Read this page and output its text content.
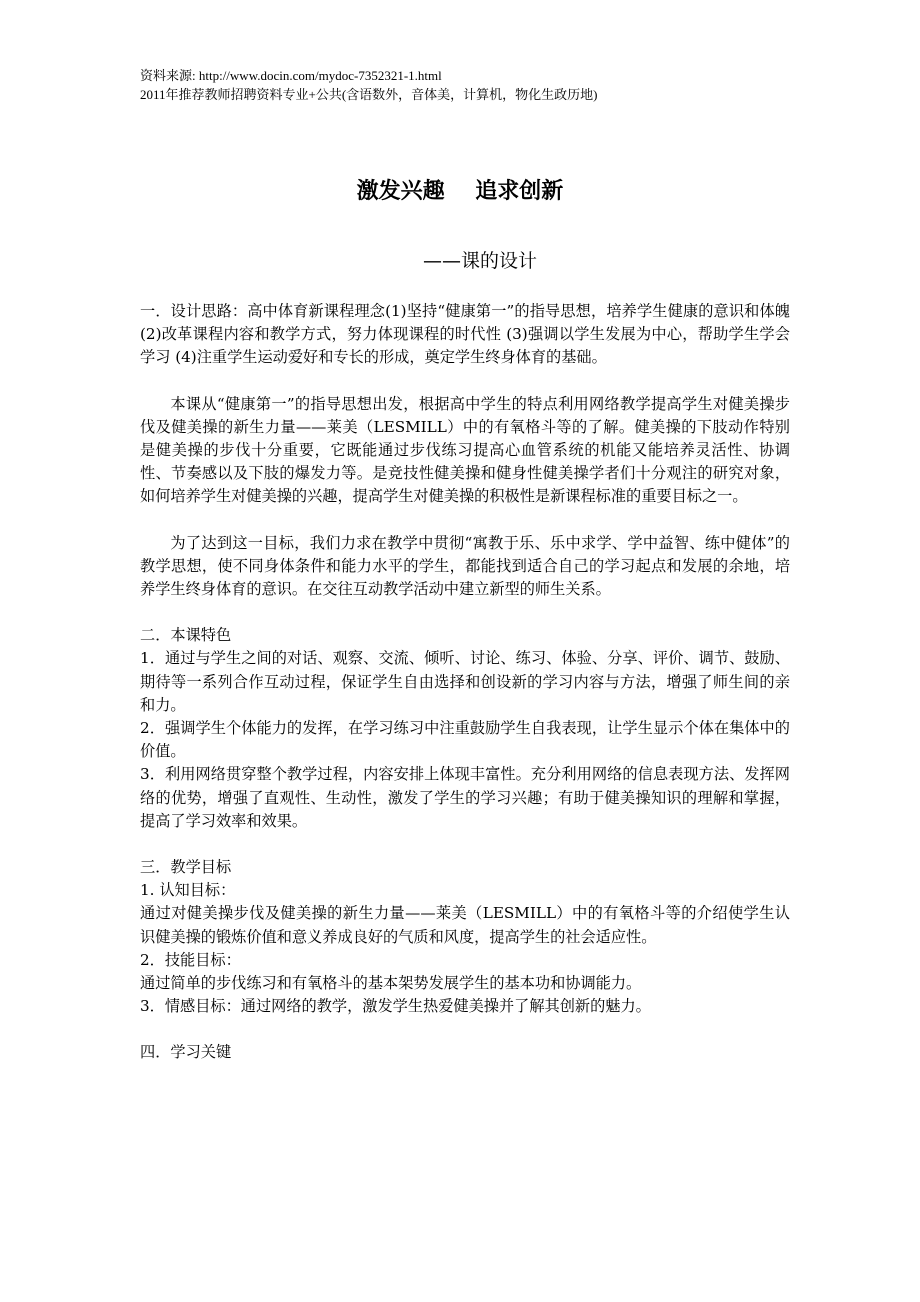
资料来源: http://www.docin.com/mydoc-7352321-1.html
2011年推荐教师招聘资料专业+公共(含语数外，音体美，计算机，物化生政历地)
激发兴趣    追求创新
——课的设计

一．设计思路：高中体育新课程理念(1)坚持“健康第一”的指导思想，培养学生健康的意识和体魄 (2)改革课程内容和教学方式，努力体现课程的时代性 (3)强调以学生发展为中心，帮助学生学会学习 (4)注重学生运动爱好和专长的形成，奠定学生终身体育的基础。

本课从“健康第一”的指导思想出发，根据高中学生的特点利用网络教学提高学生对健美操步伐及健美操的新生力量——莱美（LESMILL）中的有氧格斗等的了解。健美操的下肢动作特别是健美操的步伐十分重要，它既能通过步伐练习提高心血管系统的机能又能培养灵活性、协调性、节奏感以及下肢的爆发力等。是竞技性健美操和健身性健美操学者们十分观注的研究对象，如何培养学生对健美操的兴趣，提高学生对健美操的积极性是新课程标准的重要目标之一。

为了达到这一目标，我们力求在教学中贯彻“寓教于乐、乐中求学、学中益智、练中健体”的教学思想，使不同身体条件和能力水平的学生，都能找到适合自己的学习起点和发展的余地，培养学生终身体育的意识。在交往互动教学活动中建立新型的师生关系。

二．本课特色

1．通过与学生之间的对话、观察、交流、倾听、讨论、练习、体验、分享、评价、调节、鼓励、期待等一系列合作互动过程，保证学生自由选择和创设新的学习内容与方法，增强了师生间的亲和力。

2．强调学生个体能力的发挥，在学习练习中注重鼓励学生自我表现，让学生显示个体在集体中的价值。

3．利用网络贯穿整个教学过程，内容安排上体现丰富性。充分利用网络的信息表现方法、发挥网络的优势，增强了直观性、生动性，激发了学生的学习兴趣；有助于健美操知识的理解和掌握，提高了学习效率和效果。

三．教学目标

1. 认知目标：

通过对健美操步伐及健美操的新生力量——莱美（LESMILL）中的有氧格斗等的介绍使学生认识健美操的锻炼价值和意义养成良好的气质和风度，提高学生的社会适应性。

2．技能目标：

通过简单的步伐练习和有氧格斗的基本架势发展学生的基本功和协调能力。

3．情感目标：通过网络的教学，激发学生热爱健美操并了解其创新的魅力。

四．学习关键
